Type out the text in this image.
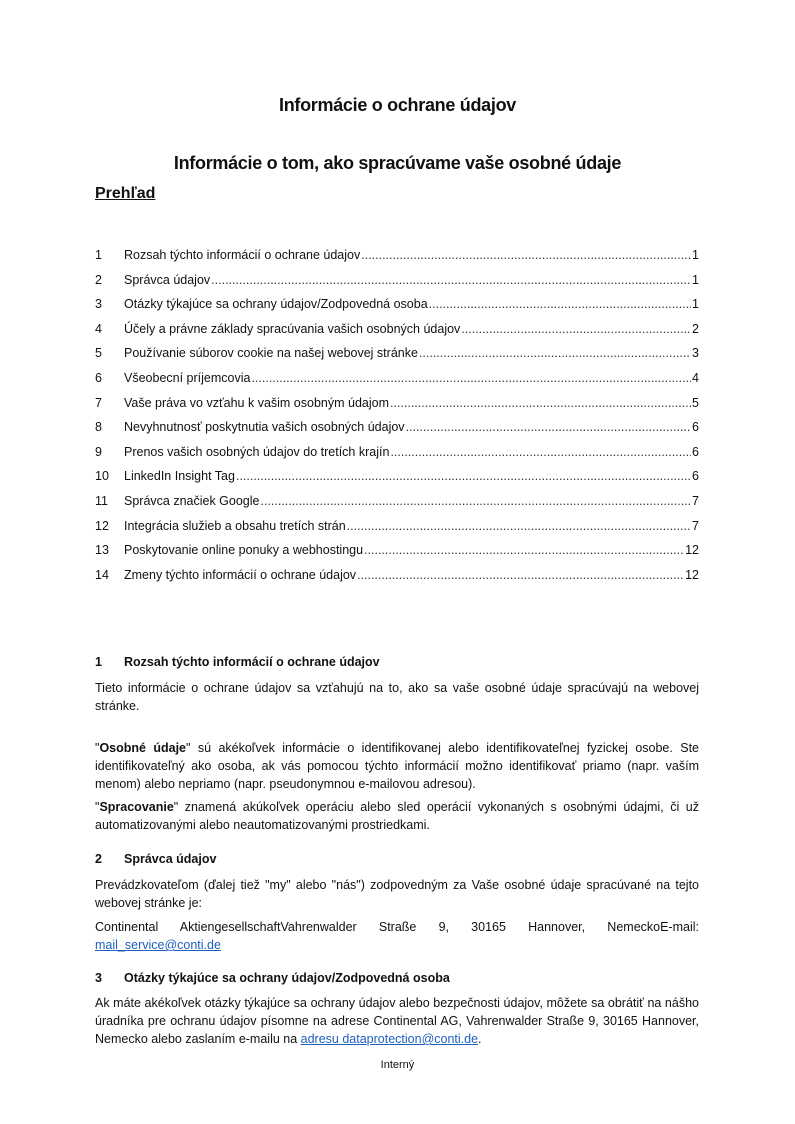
Informácie o ochrane údajov
Informácie o tom, ako spracúvame vaše osobné údaje
Prehľad
1	Rozsah týchto informácií o ochrane údajov .....	1
2	Správca údajov .....	1
3	Otázky týkajúce sa ochrany údajov/Zodpovedná osoba .....	1
4	Účely a právne základy spracúvania vašich osobných údajov .....	2
5	Používanie súborov cookie na našej webovej stránke .....	3
6	Všeobecní príjemcovia .....	4
7	Vaše práva vo vzťahu k vašim osobným údajom .....	5
8	Nevyhnutnosť poskytnutia vašich osobných údajov .....	6
9	Prenos vašich osobných údajov do tretích krajín .....	6
10	LinkedIn Insight Tag .....	6
11	Správca značiek Google .....	7
12	Integrácia služieb a obsahu tretích strán .....	7
13	Poskytovanie online ponuky a webhostingu .....	12
14	Zmeny týchto informácií o ochrane údajov .....	12
1	Rozsah týchto informácií o ochrane údajov

Tieto informácie o ochrane údajov sa vzťahujú na to, ako sa vaše osobné údaje spracúvajú na webovej stránke.

"Osobné údaje" sú akékoľvek informácie o identifikovanej alebo identifikovateľnej fyzickej osobe. Ste identifikovateľný ako osoba, ak vás pomocou týchto informácií možno identifikovať priamo (napr. vaším menom) alebo nepriamo (napr. pseudonymnou e-mailovou adresou).

"Spracovanie" znamená akúkoľvek operáciu alebo sled operácií vykonaných s osobnými údajmi, či už automatizovanými alebo neautomatizovanými prostriedkami.

2	Správca údajov

Prevádzkovateľom (ďalej tiež "my" alebo "nás") zodpovedným za Vaše osobné údaje spracúvané na tejto webovej stránke je:

Continental AktiengesellschaftVahrenwalder Straße 9, 30165 Hannover, NemeckoE-mail:

mail_service@conti.de

3	Otázky týkajúce sa ochrany údajov/Zodpovedná osoba

Ak máte akékoľvek otázky týkajúce sa ochrany údajov alebo bezpečnosti údajov, môžete sa obrátiť na nášho úradníka pre ochranu údajov písomne na adrese Continental AG, Vahrenwalder Straße 9, 30165 Hannover, Nemecko alebo zaslaním e-mailu na adresu dataprotection@conti.de.

Interný
